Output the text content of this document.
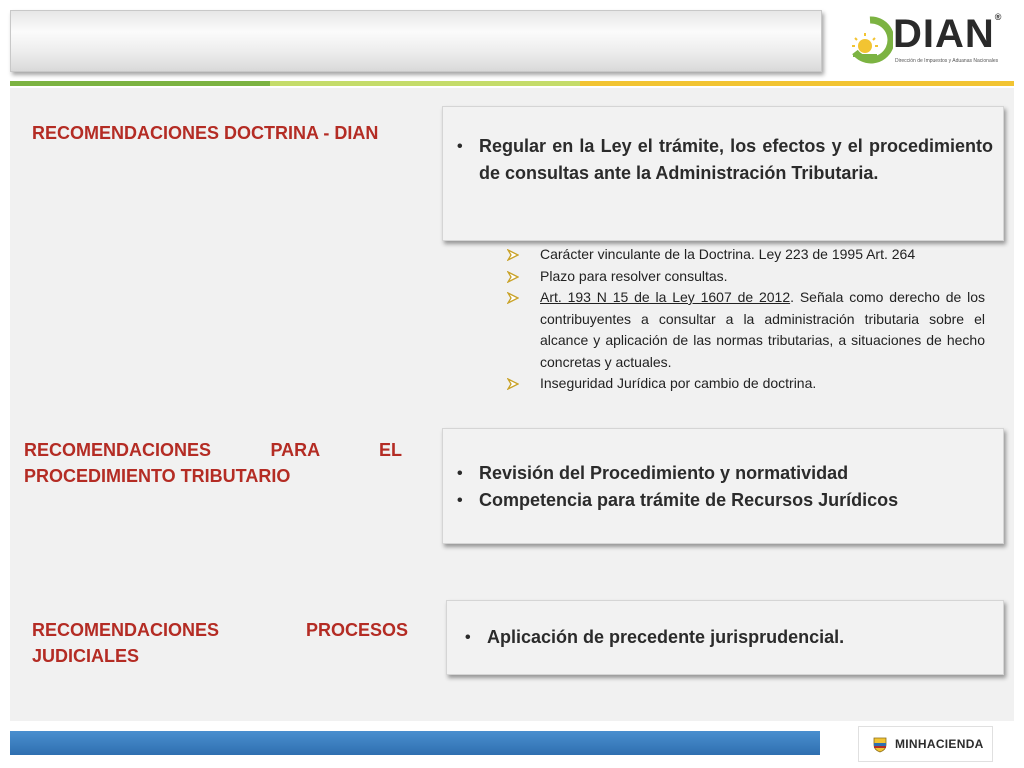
DIAN®
Dirección de Impuestos y Aduanas Nacionales
RECOMENDACIONES DOCTRINA - DIAN
• Regular en la Ley el trámite, los efectos y el procedimiento de consultas ante la Administración Tributaria.
Carácter vinculante de la Doctrina. Ley 223 de 1995 Art. 264
Plazo para resolver consultas.
Art. 193 N 15 de la Ley 1607 de 2012. Señala como derecho de los contribuyentes a consultar a la administración tributaria sobre el alcance y aplicación de las normas tributarias, a situaciones de hecho concretas y actuales.
Inseguridad Jurídica por cambio de doctrina.
RECOMENDACIONES PARA EL
PROCEDIMIENTO TRIBUTARIO	• Revisión del Procedimiento y normatividad
• Competencia para trámite de Recursos Jurídicos
RECOMENDACIONES PROCESOS
JUDICIALES
• Aplicación de precedente jurisprudencial.
MINHACIENDA
